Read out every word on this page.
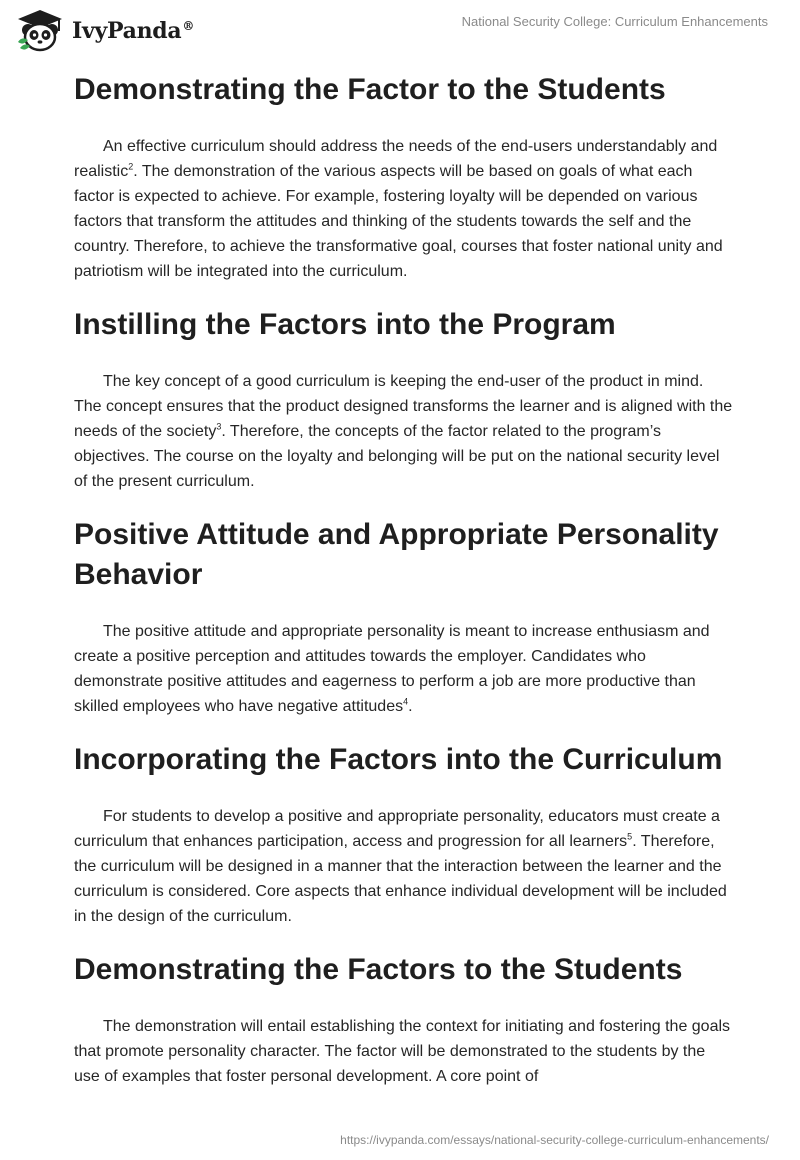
IvyPanda®	National Security College: Curriculum Enhancements
Demonstrating the Factor to the Students

An effective curriculum should address the needs of the end-users understandably and realistic$^2$. The demonstration of the various aspects will be based on goals of what each factor is expected to achieve. For example, fostering loyalty will be depended on various factors that transform the attitudes and thinking of the students towards the self and the country. Therefore, to achieve the transformative goal, courses that foster national unity and patriotism will be integrated into the curriculum.

Instilling the Factors into the Program

The key concept of a good curriculum is keeping the end-user of the product in mind. The concept ensures that the product designed transforms the learner and is aligned with the needs of the society$^3$. Therefore, the concepts of the factor related to the program’s objectives. The course on the loyalty and belonging will be put on the national security level of the present curriculum.

Positive Attitude and Appropriate Personality Behavior

The positive attitude and appropriate personality is meant to increase enthusiasm and create a positive perception and attitudes towards the employer. Candidates who demonstrate positive attitudes and eagerness to perform a job are more productive than skilled employees who have negative attitudes$^4$.

Incorporating the Factors into the Curriculum

For students to develop a positive and appropriate personality, educators must create a curriculum that enhances participation, access and progression for all learners$^5$. Therefore, the curriculum will be designed in a manner that the interaction between the learner and the curriculum is considered. Core aspects that enhance individual development will be included in the design of the curriculum.

Demonstrating the Factors to the Students

The demonstration will entail establishing the context for initiating and fostering the goals that promote personality character. The factor will be demonstrated to the students by the use of examples that foster personal development. A core point of

https://ivypanda.com/essays/national-security-college-curriculum-enhancements/
